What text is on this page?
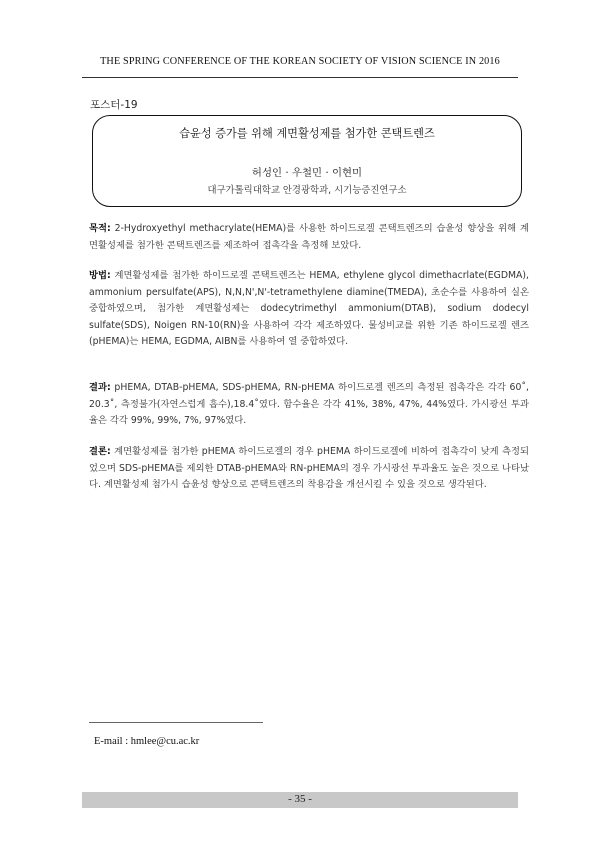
THE SPRING CONFERENCE OF THE KOREAN SOCIETY OF VISION SCIENCE IN 2016
포스터-19
습윤성 증가를 위해 계면활성제를 첨가한 콘택트렌즈
허성인 · 우철민 · 이현미
대구가톨릭대학교 안경광학과, 시기능증진연구소
목적: 2-Hydroxyethyl methacrylate(HEMA)를 사용한 하이드로겔 콘택트렌즈의 습윤성 향상을 위해 계면활성제를 첨가한 콘택트렌즈를 제조하여 접촉각을 측정해 보았다.
방법: 계면활성제를 첨가한 하이드로겔 콘택트렌즈는 HEMA, ethylene glycol dimethacrlate(EGDMA), ammonium persulfate(APS), N,N,N',N'-tetramethylene diamine(TMEDA), 초순수를 사용하여 실온 중합하였으며, 첨가한 계면활성제는 dodecytrimethyl ammonium(DTAB), sodium dodecyl sulfate(SDS), Noigen RN-10(RN)을 사용하여 각각 제조하였다. 물성비교를 위한 기존 하이드로겔 렌즈(pHEMA)는 HEMA, EGDMA, AIBN를 사용하여 열 중합하였다.
결과: pHEMA, DTAB-pHEMA, SDS-pHEMA, RN-pHEMA 하이드로겔 렌즈의 측정된 접촉각은 각각 60˚, 20.3˚, 측정불가(자연스럽게 흡수),18.4˚였다. 함수율은 각각 41%, 38%, 47%, 44%였다. 가시광선 투과율은 각각 99%, 99%, 7%, 97%였다.
결론: 계면활성제를 첨가한 pHEMA 하이드로겔의 경우 pHEMA 하이드로겔에 비하여 접촉각이 낮게 측정되었으며 SDS-pHEMA를 제외한 DTAB-pHEMA와 RN-pHEMA의 경우 가시광선 투과율도 높은 것으로 나타났다. 계면활성제 첨가시 습윤성 향상으로 콘택트렌즈의 착용감을 개선시킬 수 있을 것으로 생각된다.
E-mail : hmlee@cu.ac.kr
- 35 -
